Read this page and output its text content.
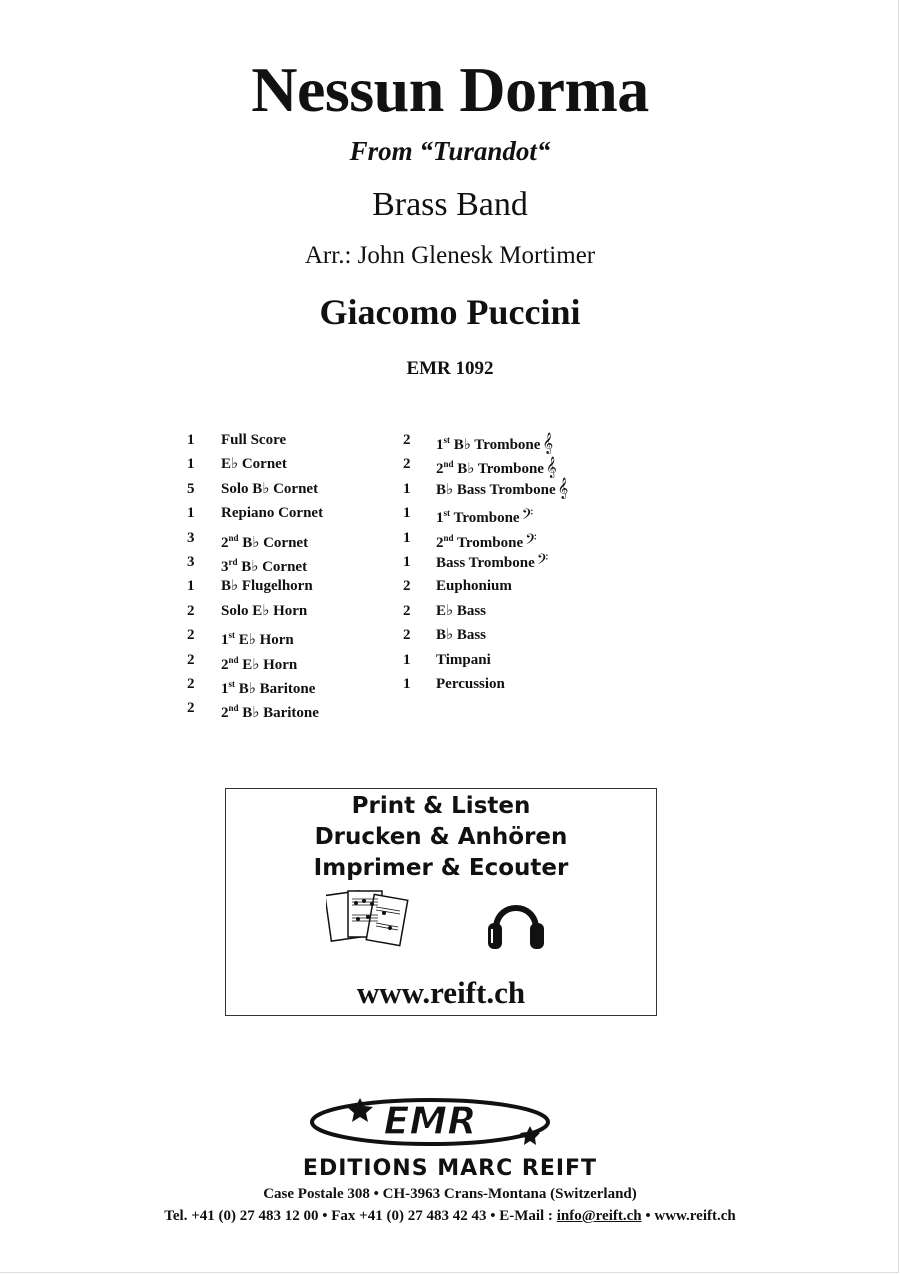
Nessun Dorma
From “Turandot“
Brass Band
Arr.: John Glenesk Mortimer
Giacomo Puccini
EMR 1092
1 Full Score
1 E♭ Cornet
5 Solo B♭ Cornet
1 Repiano Cornet
3 2nd B♭ Cornet
3 3rd B♭ Cornet
1 B♭ Flugelhorn
2 Solo E♭ Horn
2 1st E♭ Horn
2 2nd E♭ Horn
2 1st B♭ Baritone
2 2nd B♭ Baritone
2 1st B♭ Trombone 𝄞
2 2nd B♭ Trombone 𝄞
1 B♭ Bass Trombone 𝄞
1 1st Trombone 𝄢
1 2nd Trombone 𝄢
1 Bass Trombone 𝄢
2 Euphonium
2 E♭ Bass
2 B♭ Bass
1 Timpani
1 Percussion
Print & Listen
Drucken & Anhören
Imprimer & Ecouter
www.reift.ch
EMR
EDITIONS MARC REIFT
Case Postale 308 • CH-3963 Crans-Montana (Switzerland)
Tel. +41 (0) 27 483 12 00 • Fax +41 (0) 27 483 42 43 • E-Mail : info@reift.ch • www.reift.ch
